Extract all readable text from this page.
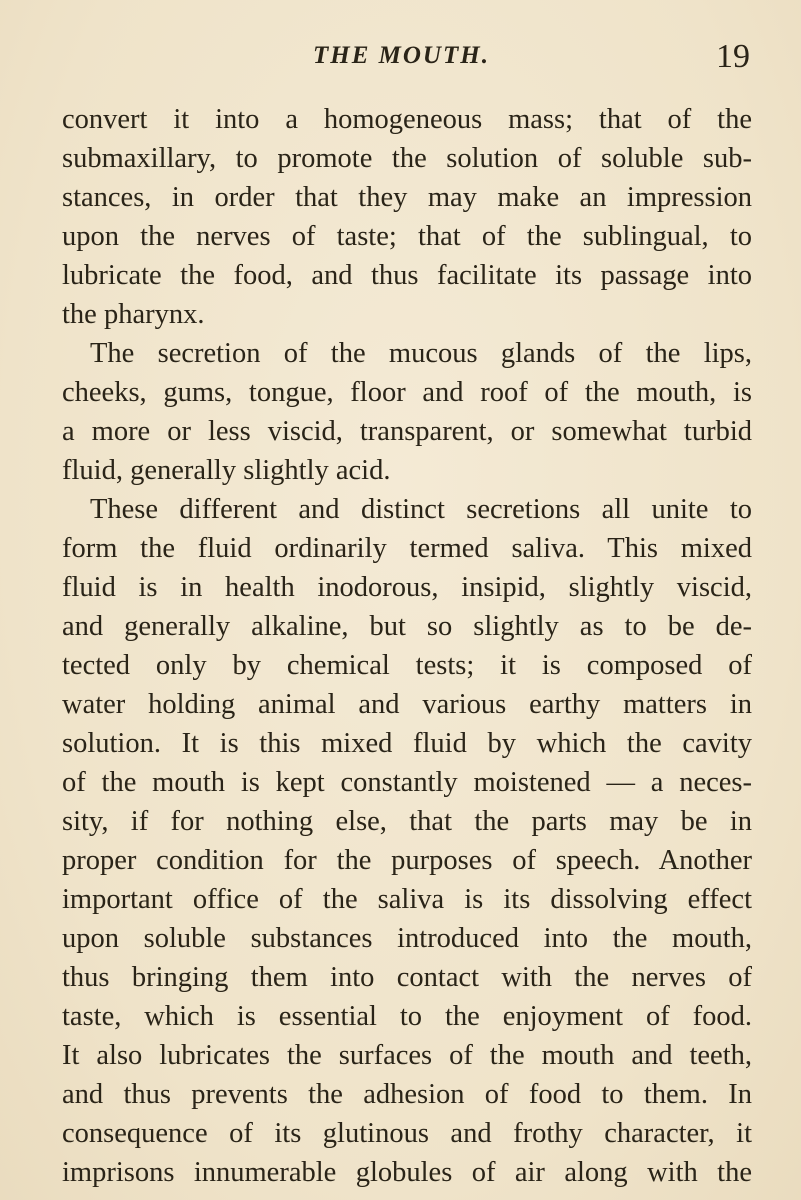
THE MOUTH.	19
convert it into a homogeneous mass; that of the
submaxillary, to promote the solution of soluble sub-
stances, in order that they may make an impression
upon the nerves of taste; that of the sublingual, to
lubricate the food, and thus facilitate its passage into
the pharynx.
The secretion of the mucous glands of the lips,
cheeks, gums, tongue, floor and roof of the mouth, is
a more or less viscid, transparent, or somewhat turbid
fluid, generally slightly acid.
These different and distinct secretions all unite to
form the fluid ordinarily termed saliva. This mixed
fluid is in health inodorous, insipid, slightly viscid,
and generally alkaline, but so slightly as to be de-
tected only by chemical tests; it is composed of
water holding animal and various earthy matters in
solution. It is this mixed fluid by which the cavity
of the mouth is kept constantly moistened — a neces-
sity, if for nothing else, that the parts may be in
proper condition for the purposes of speech. Another
important office of the saliva is its dissolving effect
upon soluble substances introduced into the mouth,
thus bringing them into contact with the nerves of
taste, which is essential to the enjoyment of food.
It also lubricates the surfaces of the mouth and teeth,
and thus prevents the adhesion of food to them. In
consequence of its glutinous and frothy character, it
imprisons innumerable globules of air along with the
